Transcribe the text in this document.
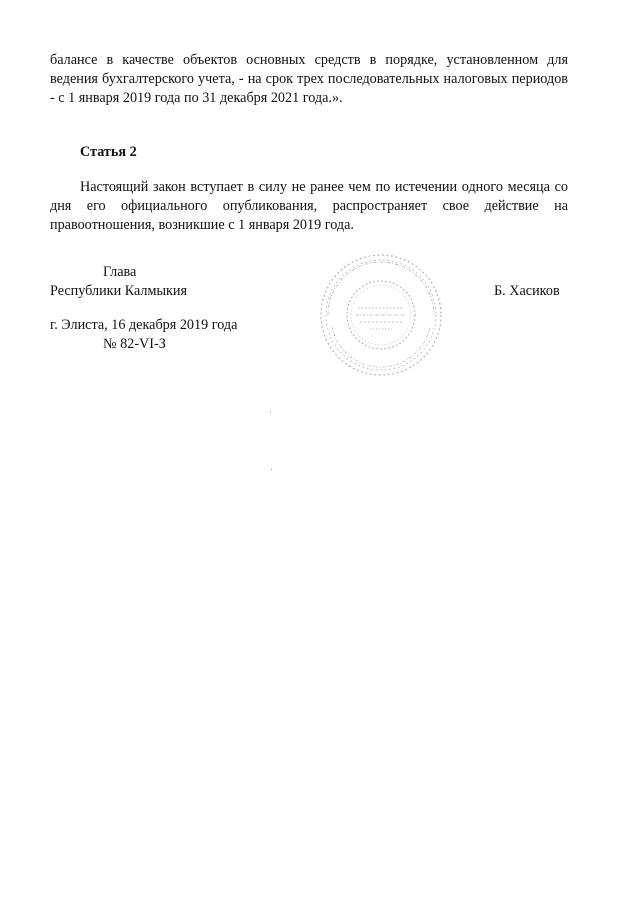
балансе в качестве объектов основных средств в порядке, установленном для ведения бухгалтерского учета, - на срок трех последовательных налоговых периодов - с 1 января 2019 года по 31 декабря 2021 года.».

Статья 2

Настоящий закон вступает в силу не ранее чем по истечении одного месяца со дня его официального опубликования, распространяет свое действие на правоотношения, возникшие с 1 января 2019 года.

Глава
Республики Калмыкия	Б. Хасиков
г. Элиста, 16 декабря 2019 года
№ 82-VI-З
